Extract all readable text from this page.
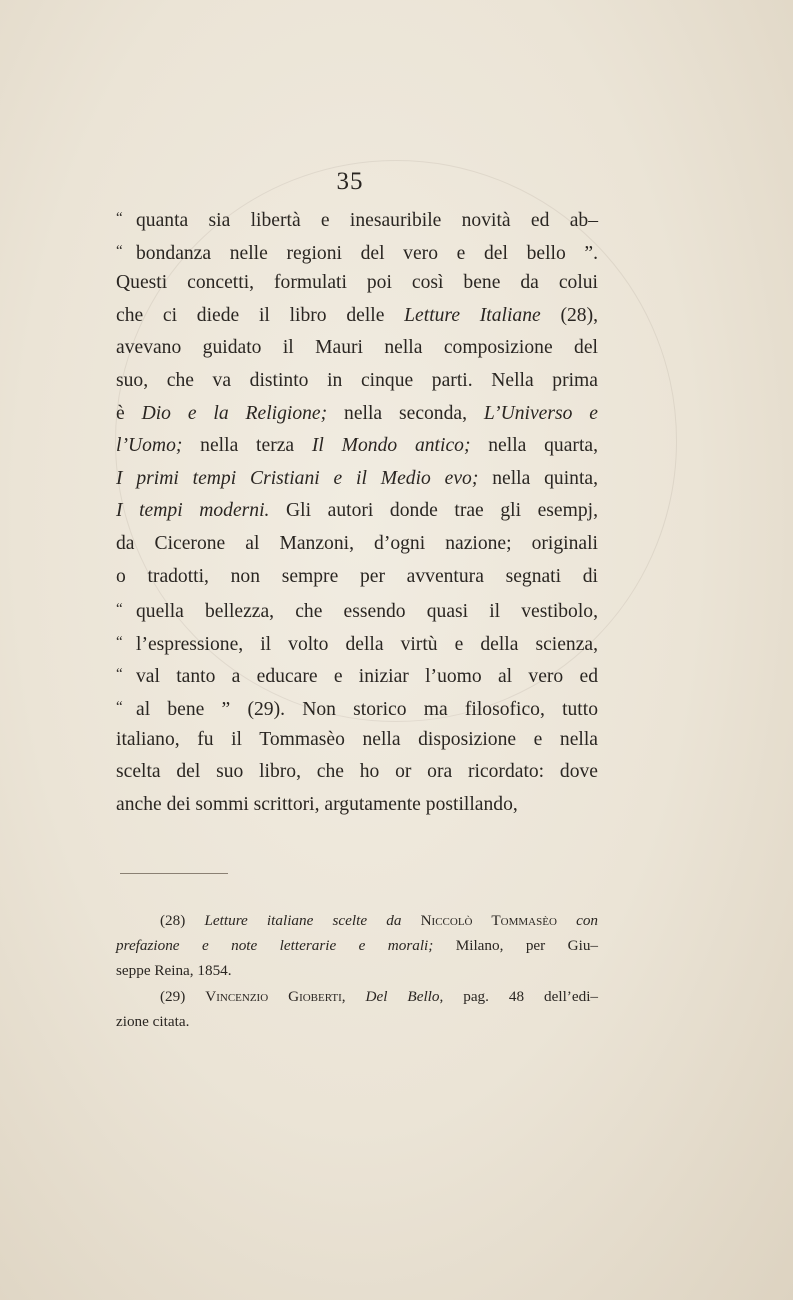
35
“ quanta sia libertà e inesauribile novità ed ab–
“ bondanza nelle regioni del vero e del bello ”.
Questi concetti, formulati poi così bene da colui
che ci diede il libro delle Letture Italiane (28),
avevano guidato il Mauri nella composizione del
suo, che va distinto in cinque parti. Nella prima
è Dio e la Religione; nella seconda, L’Universo e
l’Uomo; nella terza Il Mondo antico; nella quarta,
I primi tempi Cristiani e il Medio evo; nella quinta,
I tempi moderni. Gli autori donde trae gli esempj,
da Cicerone al Manzoni, d’ogni nazione; originali
o tradotti, non sempre per avventura segnati di
“ quella bellezza, che essendo quasi il vestibolo,
“ l’espressione, il volto della virtù e della scienza,
“ val tanto a educare e iniziar l’uomo al vero ed
“ al bene ” (29). Non storico ma filosofico, tutto
italiano, fu il Tommasèo nella disposizione e nella
scelta del suo libro, che ho or ora ricordato: dove
anche dei sommi scrittori, argutamente postillando,
(28) Letture italiane scelte da Niccolò Tommasèo con
prefazione e note letterarie e morali; Milano, per Giu–
seppe Reina, 1854.
(29) Vincenzio Gioberti, Del Bello, pag. 48 dell’edi–
zione citata.
